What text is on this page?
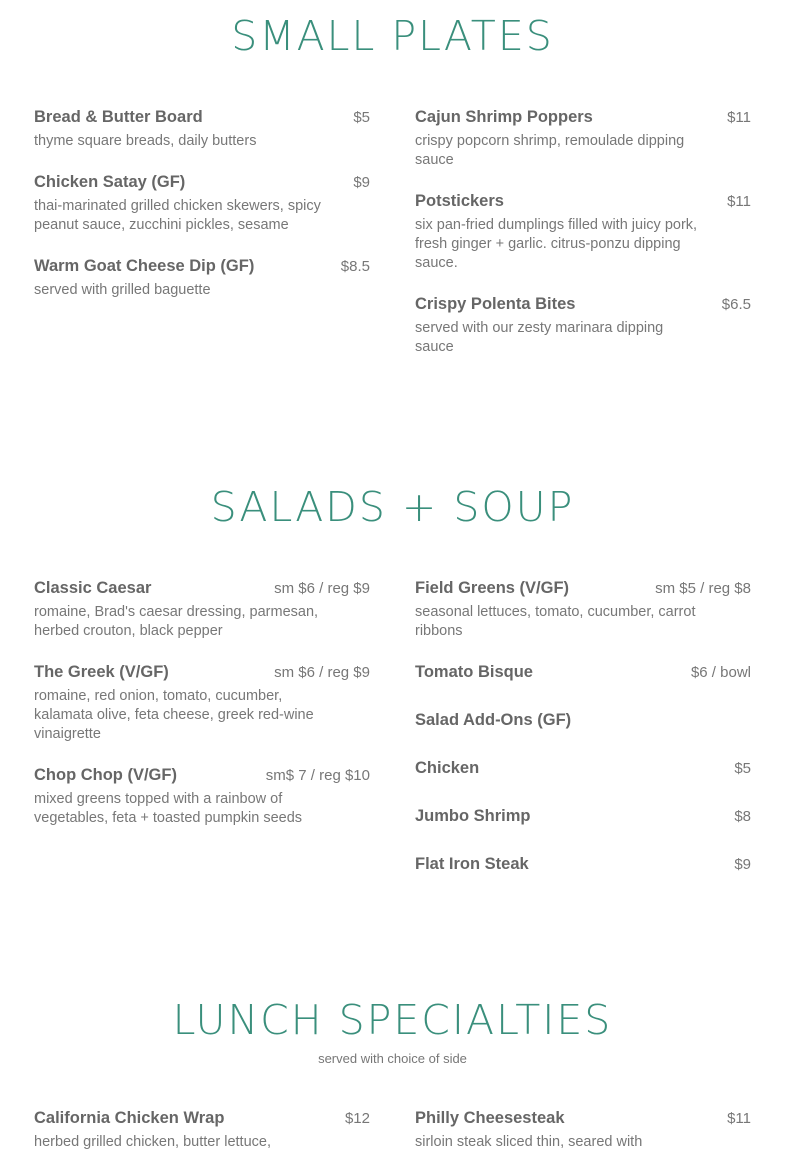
SMALL PLATES
Bread & Butter Board	$5
thyme square breads, daily butters
Chicken Satay (GF)	$9
thai-marinated grilled chicken skewers, spicy peanut sauce, zucchini pickles, sesame
Warm Goat Cheese Dip (GF)	$8.5
served with grilled baguette
Cajun Shrimp Poppers	$11
crispy popcorn shrimp, remoulade dipping sauce
Potstickers	$11
six pan-fried dumplings filled with juicy pork, fresh ginger + garlic. citrus-ponzu dipping sauce.
Crispy Polenta Bites	$6.5
served with our zesty marinara dipping sauce
SALADS + SOUP
Classic Caesar	sm $6 / reg $9
romaine, Brad's caesar dressing, parmesan, herbed crouton, black pepper
The Greek (V/GF)	sm $6 / reg $9
romaine, red onion, tomato, cucumber, kalamata olive, feta cheese, greek red-wine vinaigrette
Chop Chop (V/GF)	sm$ 7 / reg $10
mixed greens topped with a rainbow of vegetables, feta + toasted pumpkin seeds
Field Greens (V/GF)	sm $5 / reg $8
seasonal lettuces, tomato, cucumber, carrot ribbons
Tomato Bisque	$6 / bowl
Salad Add-Ons (GF)
Chicken	$5
Jumbo Shrimp	$8
Flat Iron Steak	$9
LUNCH SPECIALTIES
served with choice of side
California Chicken Wrap	$12
herbed grilled chicken, butter lettuce,
Philly Cheesesteak	$11
sirloin steak sliced thin, seared with
